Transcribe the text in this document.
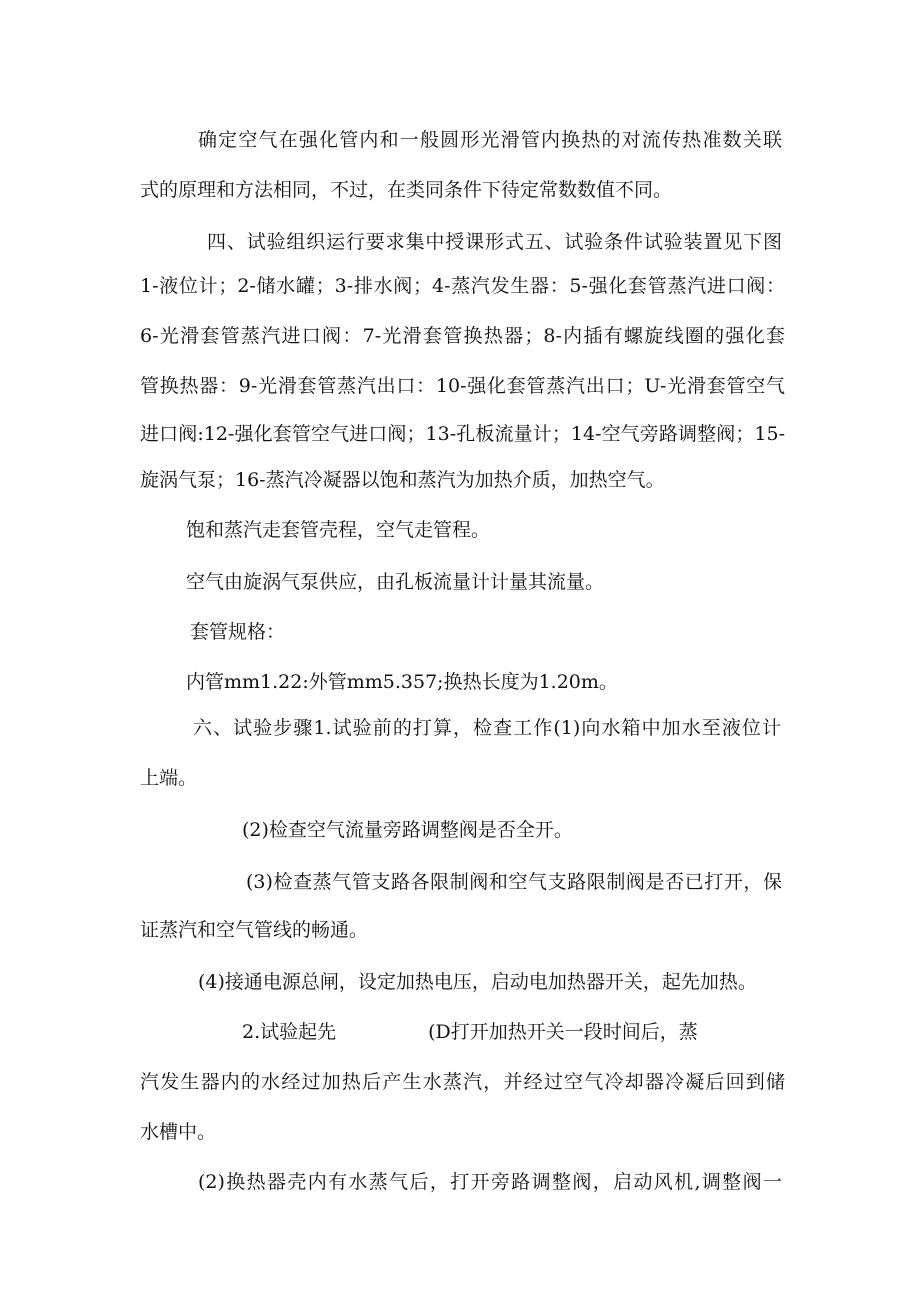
确定空气在强化管内和一般圆形光滑管内换热的对流传热准数关联
式的原理和方法相同，不过，在类同条件下待定常数数值不同。
四、试验组织运行要求集中授课形式五、试验条件试验装置见下图
1-液位计；2-储水罐；3-排水阀；4-蒸汽发生器：5-强化套管蒸汽进口阀：
6-光滑套管蒸汽进口阀：7-光滑套管换热器；8-内插有螺旋线圈的强化套
管换热器：9-光滑套管蒸汽出口：10-强化套管蒸汽出口；U-光滑套管空气
进口阀:12-强化套管空气进口阀；13-孔板流量计；14-空气旁路调整阀；15-
旋涡气泵；16-蒸汽冷凝器以饱和蒸汽为加热介质，加热空气。
饱和蒸汽走套管壳程，空气走管程。
空气由旋涡气泵供应，由孔板流量计计量其流量。
套管规格：
内管mm1.22:外管mm5.357;换热长度为1.20m。
六、试验步骤1.试验前的打算，检查工作(1)向水箱中加水至液位计
上端。
(2)检查空气流量旁路调整阀是否全开。
(3)检查蒸气管支路各限制阀和空气支路限制阀是否已打开，保
证蒸汽和空气管线的畅通。
(4)接通电源总闸，设定加热电压，启动电加热器开关，起先加热。
2.试验起先	(D打开加热开关一段时间后，蒸
汽发生器内的水经过加热后产生水蒸汽，并经过空气冷却器冷凝后回到储
水槽中。
(2)换热器壳内有水蒸气后，打开旁路调整阀，启动风机,调整阀一
